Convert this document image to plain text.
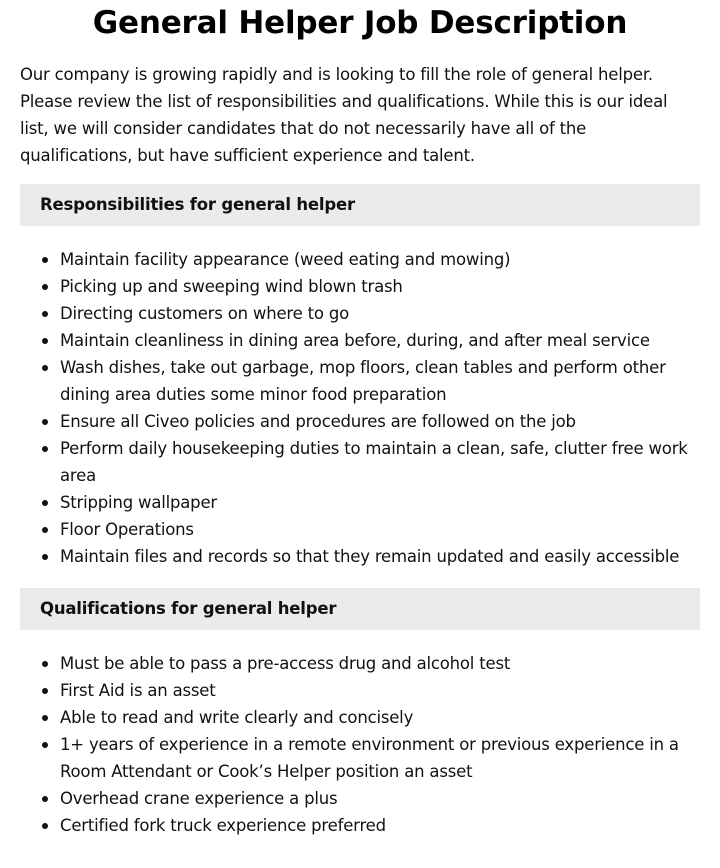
General Helper Job Description

Our company is growing rapidly and is looking to fill the role of general helper. Please review the list of responsibilities and qualifications. While this is our ideal list, we will consider candidates that do not necessarily have all of the qualifications, but have sufficient experience and talent.

Responsibilities for general helper
Maintain facility appearance (weed eating and mowing)
Picking up and sweeping wind blown trash
Directing customers on where to go
Maintain cleanliness in dining area before, during, and after meal service
Wash dishes, take out garbage, mop floors, clean tables and perform other dining area duties some minor food preparation
Ensure all Civeo policies and procedures are followed on the job
Perform daily housekeeping duties to maintain a clean, safe, clutter free work area
Stripping wallpaper
Floor Operations
Maintain files and records so that they remain updated and easily accessible
Qualifications for general helper
Must be able to pass a pre-access drug and alcohol test
First Aid is an asset
Able to read and write clearly and concisely
1+ years of experience in a remote environment or previous experience in a Room Attendant or Cook’s Helper position an asset
Overhead crane experience a plus
Certified fork truck experience preferred
